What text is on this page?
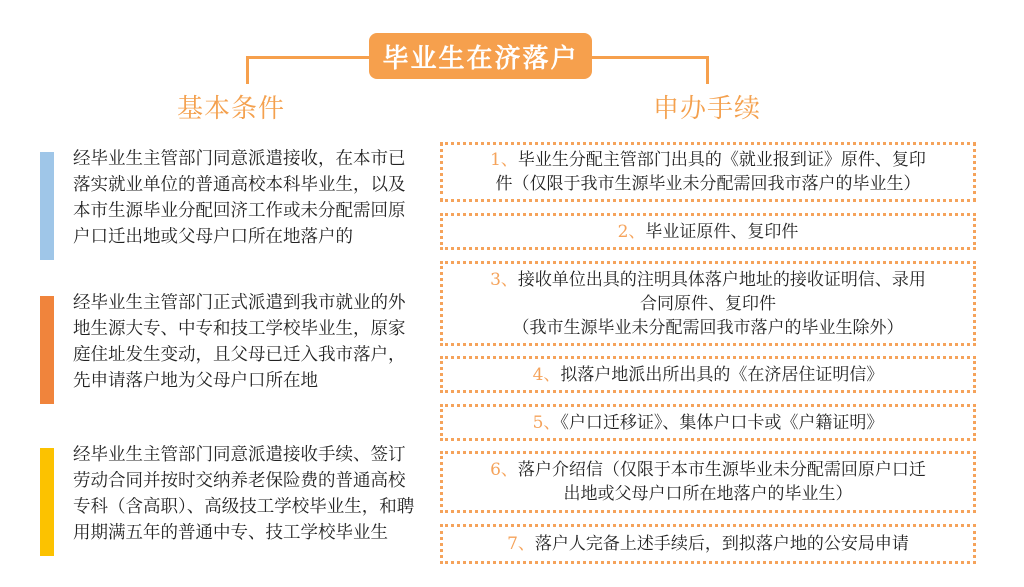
毕业生在济落户
基本条件	申办手续
经毕业生主管部门同意派遣接收，在本市已落实就业单位的普通高校本科毕业生，以及本市生源毕业分配回济工作或未分配需回原户口迁出地或父母户口所在地落户的
经毕业生主管部门正式派遣到我市就业的外地生源大专、中专和技工学校毕业生，原家庭住址发生变动，且父母已迁入我市落户，先申请落户地为父母户口所在地
经毕业生主管部门同意派遣接收手续、签订劳动合同并按时交纳养老保险费的普通高校专科（含高职）、高级技工学校毕业生，和聘用期满五年的普通中专、技工学校毕业生
1、毕业生分配主管部门出具的《就业报到证》原件、复印
件（仅限于我市生源毕业未分配需回我市落户的毕业生）
2、毕业证原件、复印件
3、接收单位出具的注明具体落户地址的接收证明信、录用
合同原件、复印件
（我市生源毕业未分配需回我市落户的毕业生除外）
4、拟落户地派出所出具的《在济居住证明信》
5、《户口迁移证》、集体户口卡或《户籍证明》
6、落户介绍信（仅限于本市生源毕业未分配需回原户口迁
出地或父母户口所在地落户的毕业生）
7、落户人完备上述手续后，到拟落户地的公安局申请
